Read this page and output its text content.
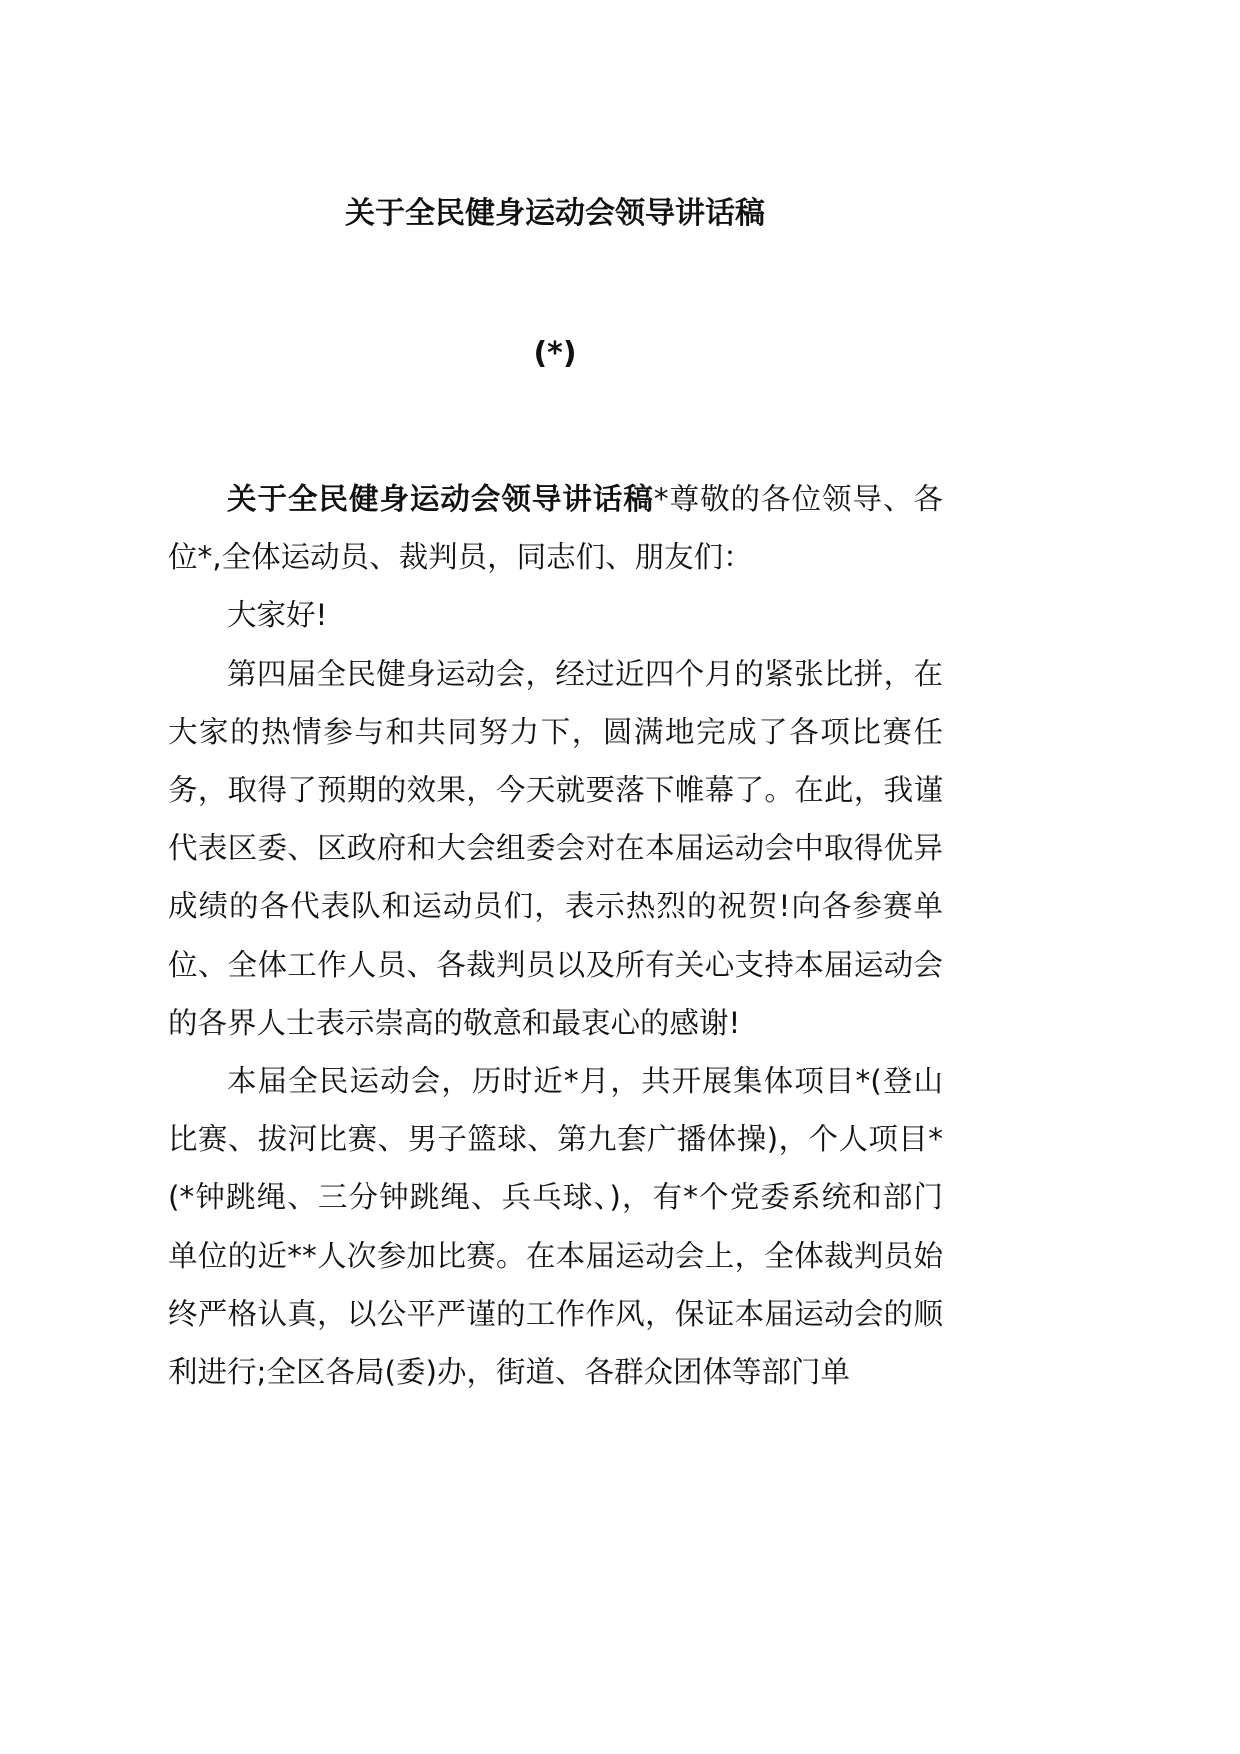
关于全民健身运动会领导讲话稿
(*)

关于全民健身运动会领导讲话稿*尊敬的各位领导、各位*,全体运动员、裁判员，同志们、朋友们：

大家好!

第四届全民健身运动会，经过近四个月的紧张比拼，在大家的热情参与和共同努力下，圆满地完成了各项比赛任务，取得了预期的效果，今天就要落下帷幕了。在此，我谨代表区委、区政府和大会组委会对在本届运动会中取得优异成绩的各代表队和运动员们，表示热烈的祝贺!向各参赛单位、全体工作人员、各裁判员以及所有关心支持本届运动会的各界人士表示崇高的敬意和最衷心的感谢!

本届全民运动会，历时近*月，共开展集体项目*(登山比赛、拔河比赛、男子篮球、第九套广播体操)，个人项目*(*钟跳绳、三分钟跳绳、兵乓球、)，有*个党委系统和部门单位的近**人次参加比赛。在本届运动会上，全体裁判员始终严格认真，以公平严谨的工作作风，保证本届运动会的顺利进行;全区各局(委)办，街道、各群众团体等部门单
